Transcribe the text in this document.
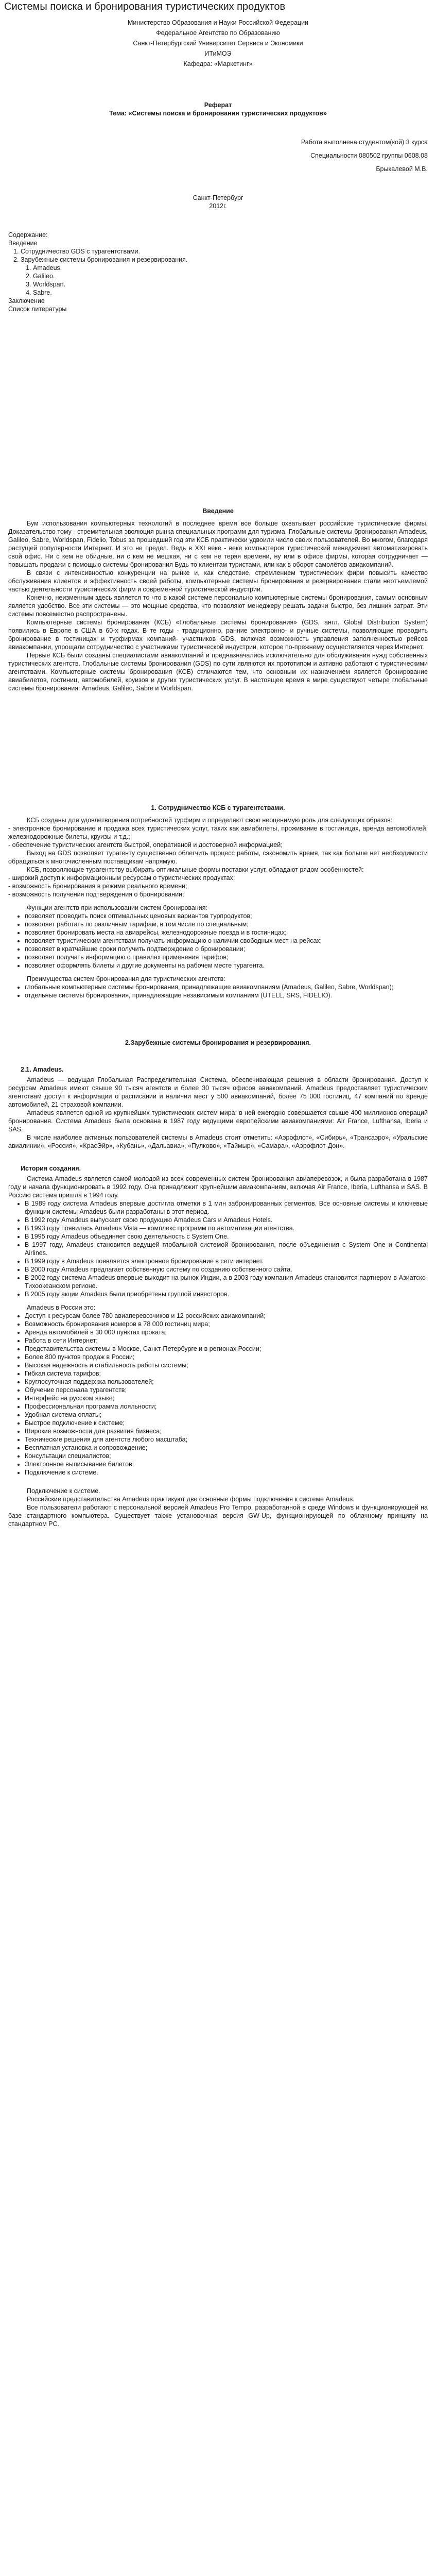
Системы поиска и бронирования туристических продуктов

Министерство Образования и Науки Российской Федерации

Федеральное Агентство по Образованию

Санкт-Петербургский Университет Сервиса и Экономики

ИТиМОЭ

Кафедра: «Маркетинг»

Реферат

Тема: «Системы поиска и бронирования туристических продуктов»

Работа выполнена студентом(кой) 3 курса

Специальности 080502 группы 0608.08

Брыкалевой М.В.

Санкт-Петербург

2012г.

Содержание:

Введение

1. Сотрудничество GDS с турагентствами.
2. Зарубежные системы бронирования и резервирования.
1. Amadeus.
2. Galileo.
3. Worldspan.
4. Sabre.

Заключение

Список литературы

Введение

Бум использования компьютерных технологий в последнее время все больше охватывает российские туристические фирмы. Доказательство тому - стремительная эволюция рынка специальных программ для туризма. Глобальные системы бронирования Amadeus, Galileo, Sabre, Worldspan, Fidelio, Tobus за прошедший год эти КСБ практически удвоили число своих пользователей. Во многом, благодаря растущей популярности Интернет. И это не предел. Ведь в XXI веке - веке компьютеров туристический менеджмент автоматизировать свой офис. Ни с кем не обидные, ни с кем не мешкая, ни с кем не теряя времени, ну или в офисе фирмы, которая сотрудничает — повышать продажи с помощью системы бронирования Будь то клиентам туристами, или как в оборот самолётов авиакомпаний.

В связи с интенсивностью конкуренции на рынке и, как следствие, стремлением туристических фирм повысить качество обслуживания клиентов и эффективность своей работы, компьютерные системы бронирования и резервирования стали неотъемлемой частью деятельности туристических фирм и современной туристической индустрии.

Конечно, неизменным здесь является то что в какой системе персонально компьютерные системы бронирования, самым основным является удобство. Все эти системы — это мощные средства, что позволяют менеджеру решать задачи быстро, без лишних затрат. Эти системы повсеместно распространены.

Компьютерные системы бронирования (КСБ) «Глобальные системы бронирования» (GDS, англ. Global Distribution System) появились в Европе в США в 60-х годах. В те годы - традиционно, ранние электронно- и ручные системы, позволяющие проводить бронирование в гостиницах и турфирмах компаний- участников GDS, включая возможность управления заполненностью рейсов авиакомпании, упрощали сотрудничество с участниками туристической индустрии, которое по-прежнему осуществляется через Интернет.

Первые КСБ были созданы специалистами авиакомпаний и предназначались исключительно для обслуживания нужд собственных туристических агентств. Глобальные системы бронирования (GDS) по сути являются их прототипом и активно работают с туристическими агентствами. Компьютерные системы бронирования (КСБ) отличаются тем, что основным их назначением является бронирование авиабилетов, гостиниц, автомобилей, круизов и других туристических услуг. В настоящее время в мире существуют четыре глобальные системы бронирования: Amadeus, Galileo, Sabre и Worldspan.

1. Сотрудничество КСБ с турагентствами.

КСБ созданы для удовлетворения потребностей турфирм и определяют свою неоценимую роль для следующих образов:

- электронное бронирование и продажа всех туристических услуг, таких как авиабилеты, проживание в гостиницах, аренда автомобилей, железнодорожные билеты, круизы и т.д.;

- обеспечение туристических агентств быстрой, оперативной и достоверной информацией;

Выход на GDS позволяет турагенту существенно облегчить процесс работы, сэкономить время, так как больше нет необходимости обращаться к многочисленным поставщикам напрямую.

КСБ, позволяющие турагентству выбирать оптимальные формы поставки услуг, обладают рядом особенностей:

- широкий доступ к информационным ресурсам о туристических продуктах;

- возможность бронирования в режиме реального времени;

- возможность получения подтверждения о бронировании;

Функции агентств при использовании систем бронирования:

• позволяет проводить поиск оптимальных ценовых вариантов турпродуктов;
• позволяет работать по различным тарифам, в том числе по специальным;
• позволяет бронировать места на авиарейсы, железнодорожные поезда и в гостиницах;
• позволяет туристическим агентствам получать информацию о наличии свободных мест на рейсах;
• позволяет в кратчайшие сроки получить подтверждение о бронировании;
• позволяет получать информацию о правилах применения тарифов;
• позволяет оформлять билеты и другие документы на рабочем месте турагента.

Преимущества систем бронирования для туристических агентств:

• глобальные компьютерные системы бронирования, принадлежащие авиакомпаниям (Amadeus, Galileo, Sabre, Worldspan);
• отдельные системы бронирования, принадлежащие независимым компаниям (UTELL, SRS, FIDELIO).

2.Зарубежные системы бронирования и резервирования.

2.1. Amadeus.

Amadeus — ведущая Глобальная Распределительная Система, обеспечивающая решения в области бронирования. Доступ к ресурсам Amadeus имеют свыше 90 тысяч агентств и более 30 тысяч офисов авиакомпаний. Amadeus предоставляет туристическим агентствам доступ к информации о расписании и наличии мест у 500 авиакомпаний, более 75 000 гостиниц, 47 компаний по аренде автомобилей, 21 страховой компании.

Amadeus является одной из крупнейших туристических систем мира: в ней ежегодно совершается свыше 400 миллионов операций бронирования. Система Amadeus была основана в 1987 году ведущими европейскими авиакомпаниями: Air France, Lufthansa, Iberia и SAS.

В числе наиболее активных пользователей системы в Amadeus стоит отметить: «Аэрофлот», «Сибирь», «Трансаэро», «Уральские авиалинии», «Россия», «КрасЭйр», «Кубань», «Дальавиа», «Пулково», «Таймыр», «Самара», «Аэрофлот-Дон».

История создания.

Система Amadeus является самой молодой из всех современных систем бронирования авиаперевозок, и была разработана в 1987 году и начала функционировать в 1992 году. Она принадлежит крупнейшим авиакомпаниям, включая Air France, Iberia, Lufthansa и SAS. В Россию система пришла в 1994 году.

• В 1989 году система Amadeus впервые достигла отметки в 1 млн забронированных сегментов. Все основные системы и ключевые функции системы Amadeus были разработаны в этот период.
• В 1992 году Amadeus выпускает свою продукцию Amadeus Cars и Amadeus Hotels.
• В 1993 году появилась Amadeus Vista — комплекс программ по автоматизации агентства.
• В 1995 году Amadeus объединяет свою деятельность с System One.
• В 1997 году, Amadeus становится ведущей глобальной системой бронирования, после объединения с System One и Continental Airlines.
• В 1999 году в Amadeus появляется электронное бронирование в сети интернет.
• В 2000 году Amadeus предлагает собственную систему по созданию собственного сайта.
• В 2002 году система Amadeus впервые выходит на рынок Индии, а в 2003 году компания Amadeus становится партнером в Азиатско-Тихоокеанском регионе.
• В 2005 году акции Amadeus были приобретены группой инвесторов.

Amadeus в России это:

• Доступ к ресурсам более 780 авиаперевозчиков и 12 российских авиакомпаний;
• Возможность бронирования номеров в 78 000 гостиниц мира;
• Аренда автомобилей в 30 000 пунктах проката;
• Работа в сети Интернет;
• Представительства системы в Москве, Санкт-Петербурге и в регионах России;
• Более 800 пунктов продаж в России;
• Высокая надежность и стабильность работы системы;
• Гибкая система тарифов;
• Круглосуточная поддержка пользователей;
• Обучение персонала турагентств;
• Интерфейс на русском языке;
• Профессиональная программа лояльности;
• Удобная система оплаты;
• Быстрое подключение к системе;
• Широкие возможности для развития бизнеса;
• Технические решения для агентств любого масштаба;
• Бесплатная установка и сопровождение;
• Консультации специалистов;
• Электронное выписывание билетов;
• Подключение к системе.

Подключение к системе.

Российские представительства Amadeus практикуют две основные формы подключения к системе Amadeus.

Все пользователи работают с персональной версией Amadeus Pro Tempo, разработанной в среде Windows и функционирующей на базе стандартного компьютера. Существует также установочная версия GW-Up, функционирующей по облачному принципу на стандартном РС.
